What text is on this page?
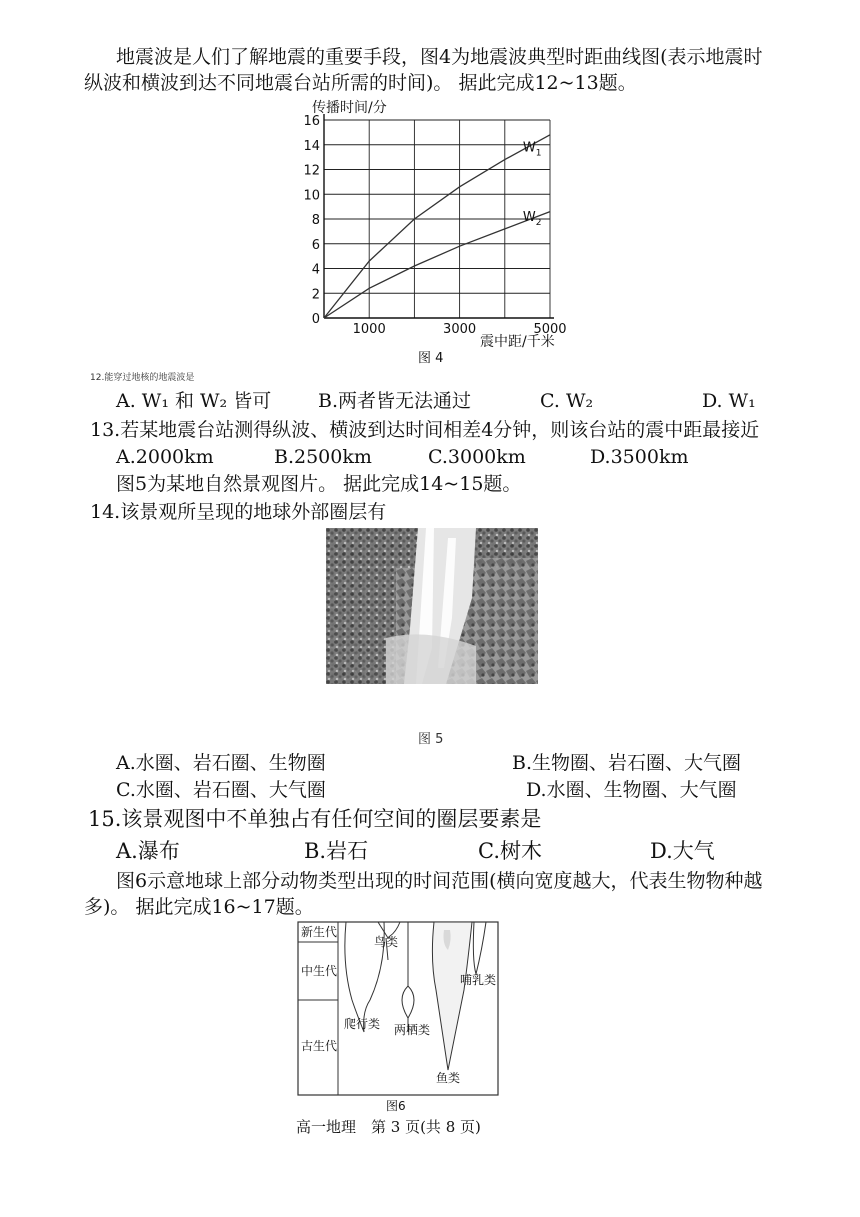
地震波是人们了解地震的重要手段，图4为地震波典型时距曲线图(表示地震时
纵波和横波到达不同地震台站所需的时间)。 据此完成12~13题。
传播时间/分
0
2
4
6
8
10
12
14
16
1000	3000	5000
$W_1$
$W_2$
震中距/千米
图 4
12.能穿过地核的地震波是
A. W₁ 和 W₂ 皆可 B.两者皆无法通过	C. W₂	D. W₁
13.若某地震台站测得纵波、横波到达时间相差4分钟，则该台站的震中距最接近
A.2000km	B.2500km	C.3000km	D.3500km
图5为某地自然景观图片。 据此完成14~15题。
14.该景观所呈现的地球外部圈层有
图 5
A.水圈、岩石圈、生物圈	B.生物圈、岩石圈、大气圈
C.水圈、岩石圈、大气圈	D.水圈、生物圈、大气圈
15.该景观图中不单独占有任何空间的圈层要素是
A.瀑布	B.岩石	C.树木	D.大气
图6示意地球上部分动物类型出现的时间范围(横向宽度越大，代表生物物种越
多)。 据此完成16~17题。
新生代
中生代
古生代
爬行类
鸟类
两栖类
鱼类
哺乳类
图6
高一地理　第 3 页(共 8 页)
